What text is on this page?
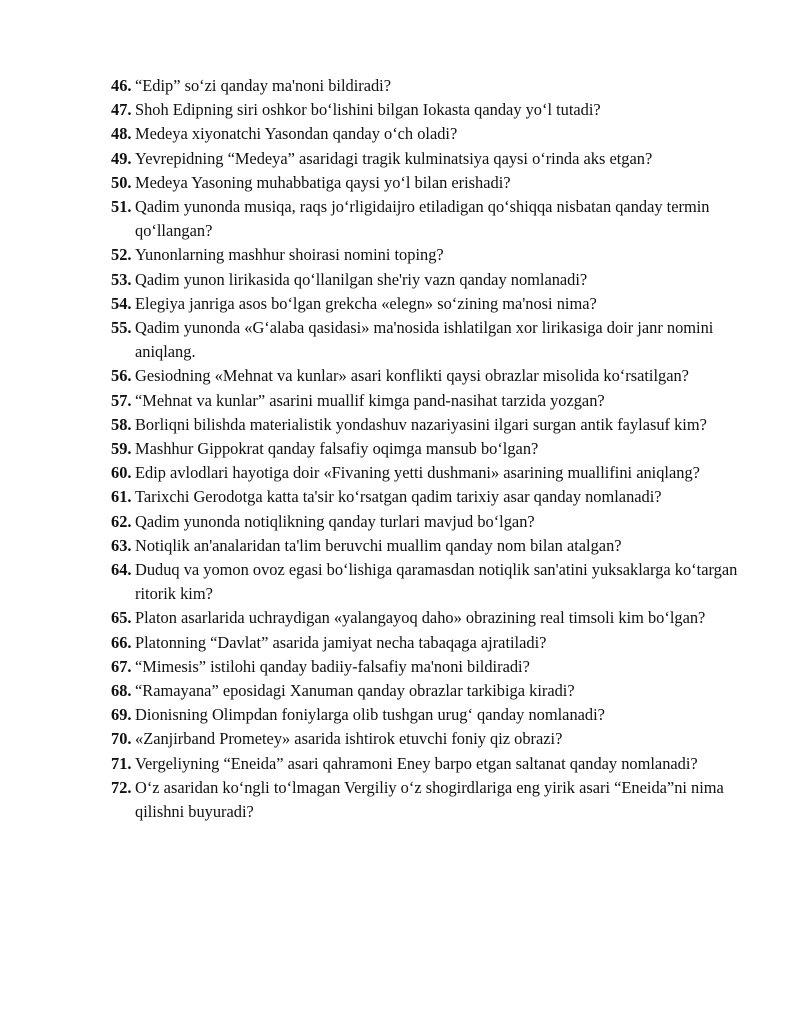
46. “Edip” so‘zi qanday ma'noni bildiradi?
47. Shoh Edipning siri oshkor bo‘lishini bilgan Iokasta qanday yo‘l tutadi?
48. Medeya xiyonatchi Yasondan qanday o‘ch oladi?
49. Yevrepidning “Medeya” asaridagi tragik kulminatsiya qaysi o‘rinda aks etgan?
50. Medeya Yasoning muhabbatiga qaysi yo‘l bilan erishadi?
51. Qadim yunonda musiqa, raqs jo‘rligidaijro etiladigan qo‘shiqqa nisbatan qanday termin qo‘llangan?
52. Yunonlarning mashhur shoirasi nomini toping?
53. Qadim yunon lirikasida qo‘llanilgan she'riy vazn qanday nomlanadi?
54. Elegiya janriga asos bo‘lgan grekcha «elegn» so‘zining ma'nosi nima?
55. Qadim yunonda «G‘alaba qasidasi» ma'nosida ishlatilgan xor lirikasiga doir janr nomini aniqlang.
56. Gesiodning «Mehnat va kunlar» asari konflikti qaysi obrazlar misolida ko‘rsatilgan?
57. “Mehnat va kunlar” asarini muallif kimga pand-nasihat tarzida yozgan?
58. Borliqni bilishda materialistik yondashuv nazariyasini ilgari surgan antik faylasuf kim?
59. Mashhur Gippokrat qanday falsafiy oqimga mansub bo‘lgan?
60. Edip avlodlari hayotiga doir «Fivaning yetti dushmani» asarining muallifini aniqlang?
61. Tarixchi Gerodotga katta ta'sir ko‘rsatgan qadim tarixiy asar qanday nomlanadi?
62. Qadim yunonda notiqlikning qanday turlari mavjud bo‘lgan?
63. Notiqlik an'analaridan ta'lim beruvchi muallim qanday nom bilan atalgan?
64. Duduq va yomon ovoz egasi bo‘lishiga qaramasdan notiqlik san'atini yuksaklarga ko‘targan ritorik kim?
65. Platon asarlarida uchraydigan «yalangayoq daho» obrazining real timsoli kim bo‘lgan?
66. Platonning “Davlat” asarida jamiyat necha tabaqaga ajratiladi?
67. “Mimesis” istilohi qanday badiiy-falsafiy ma'noni bildiradi?
68. “Ramayana” eposidagi Xanuman qanday obrazlar tarkibiga kiradi?
69. Dionisning Olimpdan foniylarga olib tushgan urug‘ qanday nomlanadi?
70. «Zanjirband Prometey» asarida ishtirok etuvchi foniy qiz obrazi?
71. Vergeliyning “Eneida” asari qahramoni Eney barpo etgan saltanat qanday nomlanadi?
72. O‘z asaridan ko‘ngli to‘lmagan Vergiliy o‘z shogirdlariga eng yirik asari “Eneida”ni nima qilishni buyuradi?
